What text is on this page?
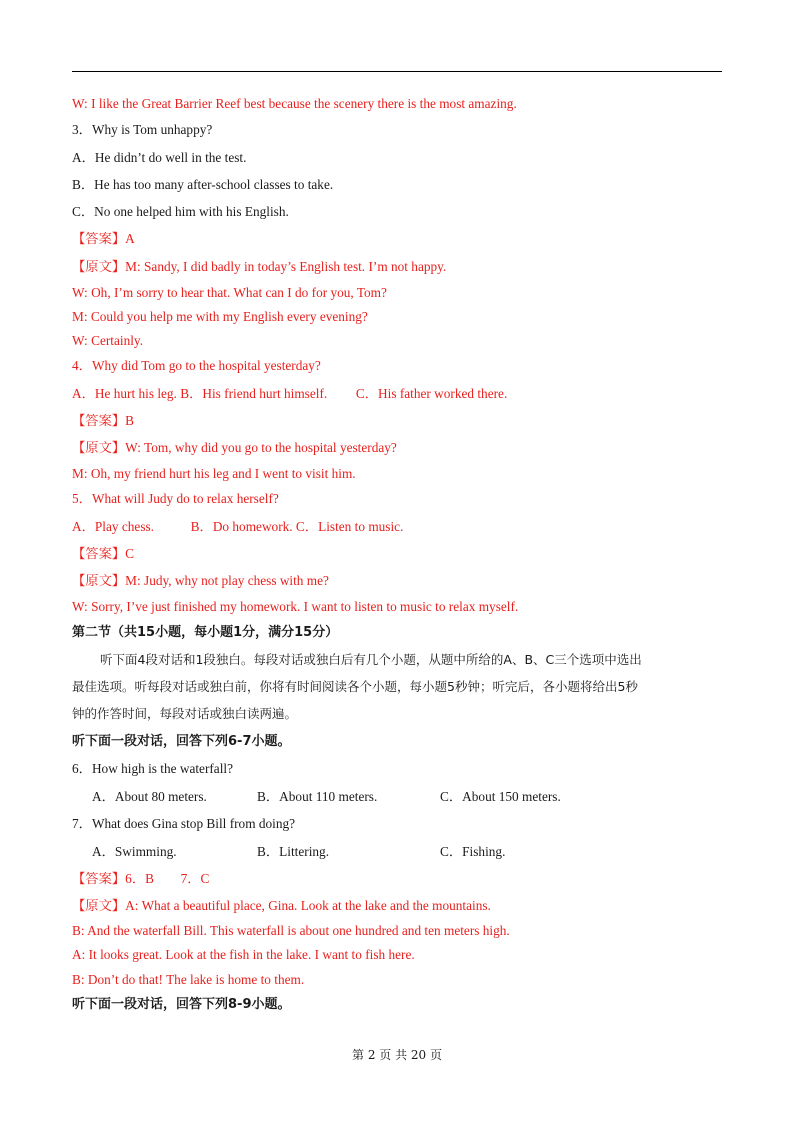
W: I like the Great Barrier Reef best because the scenery there is the most amazing.
3．Why is Tom unhappy?
A．He didn’t do well in the test.
B．He has too many after-school classes to take.
C．No one helped him with his English.
【答案】A
【原文】M: Sandy, I did badly in today’s English test. I’m not happy.
W: Oh, I’m sorry to hear that. What can I do for you, Tom?
M: Could you help me with my English every evening?
W: Certainly.
4．Why did Tom go to the hospital yesterday?
A．He hurt his leg. B．His friend hurt himself. C．His father worked there.
【答案】B
【原文】W: Tom, why did you go to the hospital yesterday?
M: Oh, my friend hurt his leg and I went to visit him.
5．What will Judy do to relax herself?
A．Play chess.	B．Do homework. C．Listen to music.
【答案】C
【原文】M: Judy, why not play chess with me?
W: Sorry, I’ve just finished my homework. I want to listen to music to relax myself.
第二节（共15小题，每小题1分，满分15分）
听下面4段对话和1段独白。每段对话或独白后有几个小题，从题中所给的A、B、C三个选项中选出
最佳选项。听每段对话或独白前，你将有时间阅读各个小题，每小题5秒钟；听完后，各小题将给出5秒
钟的作答时间，每段对话或独白读两遍。
听下面一段对话，回答下列6-7小题。
6．How high is the waterfall?
A．About 80 meters.	B．About 110 meters.	C．About 150 meters.
7．What does Gina stop Bill from doing?
A．Swimming.	B．Littering.	C．Fishing.
【答案】6．B　　7．C
【原文】A: What a beautiful place, Gina. Look at the lake and the mountains.
B: And the waterfall Bill. This waterfall is about one hundred and ten meters high.
A: It looks great. Look at the fish in the lake. I want to fish here.
B: Don’t do that! The lake is home to them.
听下面一段对话，回答下列8-9小题。
第 2 页 共 20 页
